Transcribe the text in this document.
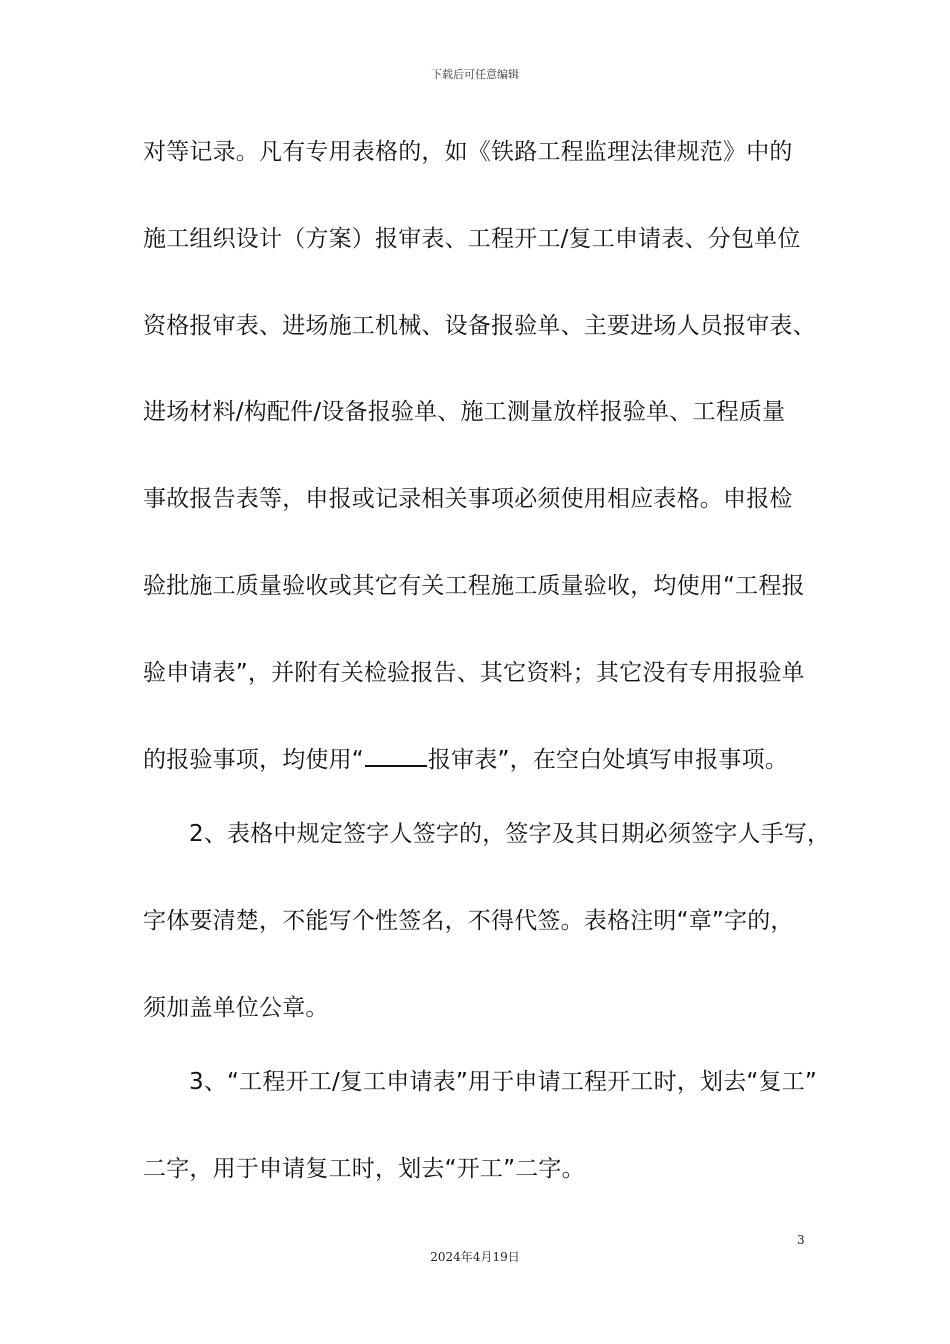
下载后可任意编辑
对等记录。凡有专用表格的，如《铁路工程监理法律规范》中的
施工组织设计（方案）报审表、工程开工/复工申请表、分包单位
资格报审表、进场施工机械、设备报验单、主要进场人员报审表、
进场材料/构配件/设备报验单、施工测量放样报验单、工程质量
事故报告表等，申报或记录相关事项必须使用相应表格。申报检
验批施工质量验收或其它有关工程施工质量验收，均使用“工程报
验申请表”，并附有关检验报告、其它资料；其它没有专用报验单
的报验事项，均使用“	报审表”，在空白处填写申报事项。
2、表格中规定签字人签字的，签字及其日期必须签字人手写，
字体要清楚，不能写个性签名，不得代签。表格注明“章”字的，
须加盖单位公章。
3、“工程开工/复工申请表”用于申请工程开工时，划去“复工”
二字，用于申请复工时，划去“开工”二字。
3
2024年4月19日
